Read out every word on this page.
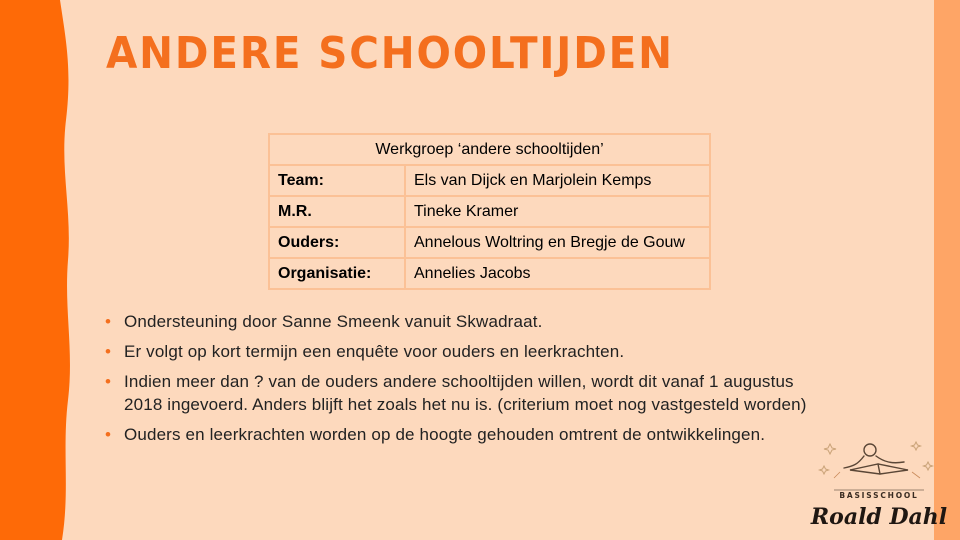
ANDERE SCHOOLTIJDEN
Werkgroep ‘andere schooltijden’	
Team:	Els van Dijck en Marjolein Kemps
M.R.	Tineke Kramer
Ouders:	Annelous Woltring en Bregje de Gouw
Organisatie:	Annelies Jacobs
• Ondersteuning door Sanne Smeenk vanuit Skwadraat.
• Er volgt op kort termijn een enquête voor ouders en leerkrachten.
• Indien meer dan ? van de ouders andere schooltijden willen, wordt dit vanaf 1 augustus 2018 ingevoerd. Anders blijft het zoals het nu is. (criterium moet nog vastgesteld worden)
• Ouders en leerkrachten worden op de hoogte gehouden omtrent de ontwikkelingen.
BASISSCHOOL
Roald Dahl
